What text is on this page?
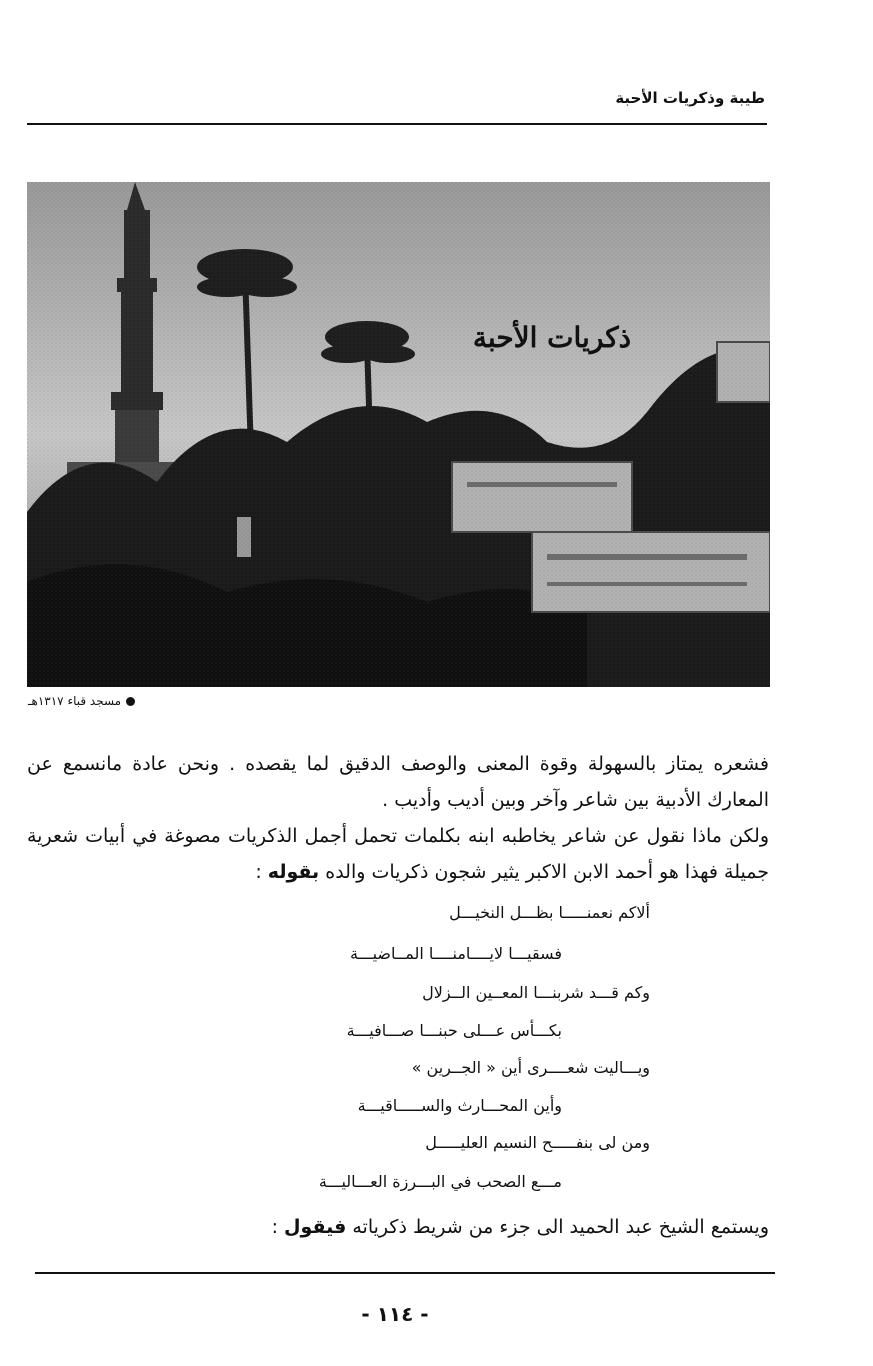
طيبة وذكريات الأحبة
ذكريات الأحبة
مسجد قباء ١٣١٧هـ
فشعره يمتاز بالسهولة وقوة المعنى والوصف الدقيق لما يقصده . ونحن عادة مانسمع عن المعارك الأدبية بين شاعر وآخر وبين أديب وأديب .
ولكن ماذا نقول عن شاعر يخاطبه ابنه بكلمات تحمل أجمل الذكريات مصوغة في أبيات شعرية جميلة فهذا هو أحمد الابن الاكبر يثير شجون ذكريات والده بقوله :
ألاكم نعمنـــــا بظـــل النخيـــل
فسقيـــا لايــــامنــــا المــاضيـــة
وكم قـــد شربنـــا المعــين الــزلال
بكـــأس عـــلى حبنـــا صـــافيـــة
ويـــاليت شعــــرى أين « الجــرين »
وأين المحـــارث والســـــاقيـــة
ومن لى بنفـــــح النسيم العليـــــل
مـــع الصحب في البـــرزة العـــاليـــة
ويستمع الشيخ عبد الحميد الى جزء من شريط ذكرياته فيقول :
- ١١٤ -
